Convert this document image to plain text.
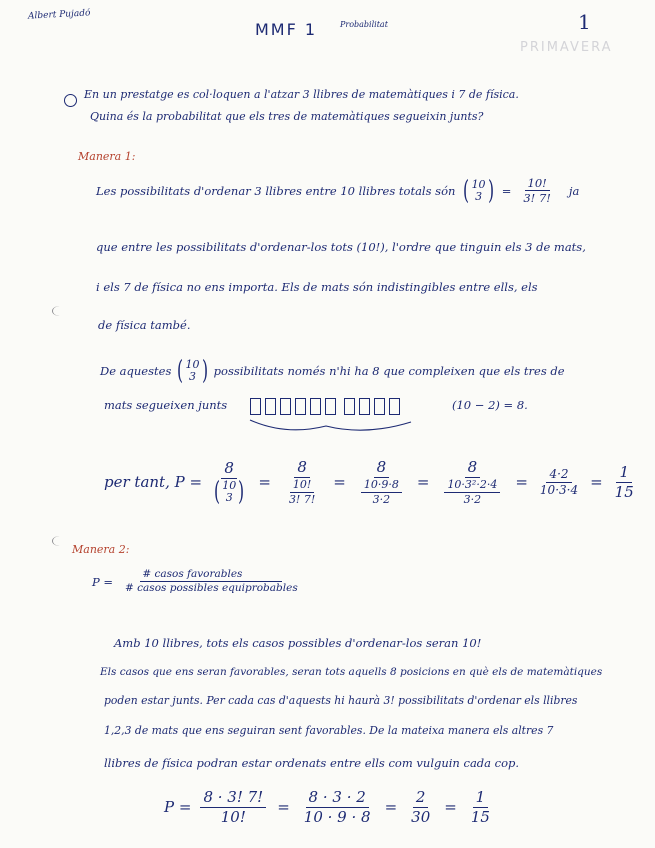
Albert Pujadó
MMF 1	Probabilitat	1
PRIMAVERA
En un prestatge es col·loquen a l'atzar 3 llibres de matemàtiques i 7 de física.
Quina és la probabilitat que els tres de matemàtiques segueixin junts?
Manera 1:
Les possibilitats d'ordenar 3 llibres entre 10 llibres totals són ( 10
3 ) = $\frac{10!}{3! 7!}$ ja
que entre les possibilitats d'ordenar-los tots (10!), l'ordre que tinguin els 3 de mats,
i els 7 de física no ens importa. Els de mats són indistingibles entre ells, els
de física també.
De aquestes ( 10
3 ) possibilitats només n'hi ha 8 que compleixen que els tres de
mats segueixen junts	(10 − 2) = 8.
per tant, P = 8
( 10
3 ) = $\frac{8}{\frac{10!}{3! 7!}} = \frac{8}{\frac{10\cdot 9\cdot 8}{3\cdot 2}} = \frac{8}{\frac{\text{10·3²·2·4}}{3\cdot 2}} = \frac{4\cdot 2}{10\cdot 3\cdot 4} = \frac{1}{15}$
Manera 2:
$P = \frac{\text{\# casos favorables}}{\text{\# casos possibles equiprobables}}$
Amb 10 llibres, tots els casos possibles d'ordenar-los seran 10!
Els casos que ens seran favorables, seran tots aquells 8 posicions en què els de matemàtiques
poden estar junts. Per cada cas d'aquests hi haurà 3! possibilitats d'ordenar els llibres
1,2,3 de mats que ens seguiran sent favorables. De la mateixa manera els altres 7
llibres de física podran estar ordenats entre ells com vulguin cada cop.
$P = \frac{8 \cdot 3! 7!}{10!} = \frac{8 \cdot 3 \cdot 2}{10 \cdot 9 \cdot 8} = \frac{2}{30} = \frac{1}{15}$
